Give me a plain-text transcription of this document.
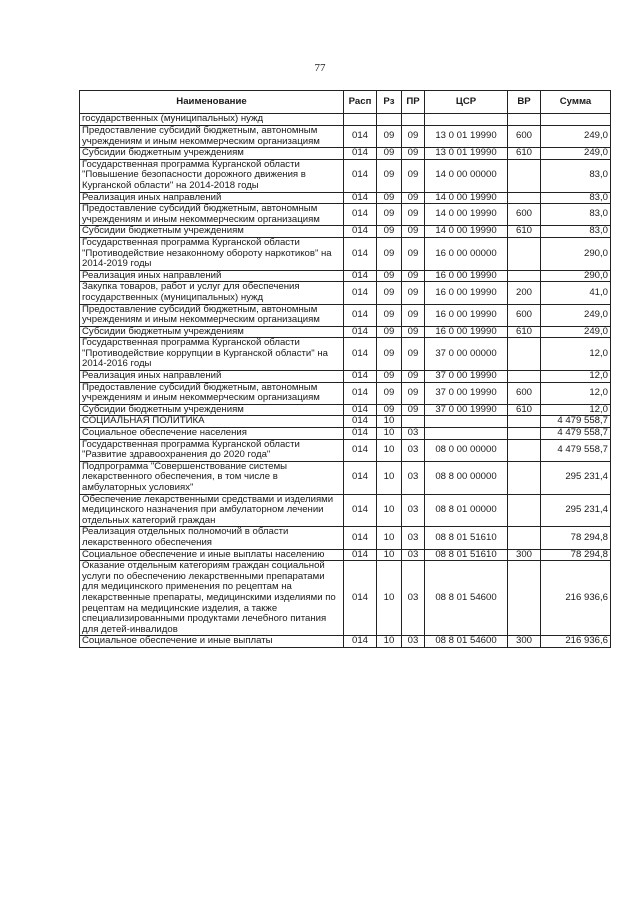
77
Наименование	Расп	Рз	ПР	ЦСР	ВР	Сумма
государственных (муниципальных) нужд						
Предоставление субсидий бюджетным, автономным учреждениям и иным некоммерческим организациям	014	09	09	13 0 01 19990	600	249,0
Субсидии бюджетным учреждениям	014	09	09	13 0 01 19990	610	249,0
Государственная программа Курганской области "Повышение безопасности дорожного движения в Курганской области" на 2014-2018 годы	014	09	09	14 0 00 00000		83,0
Реализация иных направлений	014	09	09	14 0 00 19990		83,0
Предоставление субсидий бюджетным, автономным учреждениям и иным некоммерческим организациям	014	09	09	14 0 00 19990	600	83,0
Субсидии бюджетным учреждениям	014	09	09	14 0 00 19990	610	83,0
Государственная программа Курганской области "Противодействие незаконному обороту наркотиков" на 2014-2019 годы	014	09	09	16 0 00 00000		290,0
Реализация иных направлений	014	09	09	16 0 00 19990		290,0
Закупка товаров, работ и услуг для обеспечения государственных (муниципальных) нужд	014	09	09	16 0 00 19990	200	41,0
Предоставление субсидий бюджетным, автономным учреждениям и иным некоммерческим организациям	014	09	09	16 0 00 19990	600	249,0
Субсидии бюджетным учреждениям	014	09	09	16 0 00 19990	610	249,0
Государственная программа Курганской области "Противодействие коррупции в Курганской области" на 2014-2016 годы	014	09	09	37 0 00 00000		12,0
Реализация иных направлений	014	09	09	37 0 00 19990		12,0
Предоставление субсидий бюджетным, автономным учреждениям и иным некоммерческим организациям	014	09	09	37 0 00 19990	600	12,0
Субсидии бюджетным учреждениям	014	09	09	37 0 00 19990	610	12,0
СОЦИАЛЬНАЯ ПОЛИТИКА	014	10				4 479 558,7
Социальное обеспечение населения	014	10	03			4 479 558,7
Государственная программа Курганской области "Развитие здравоохранения до 2020 года"	014	10	03	08 0 00 00000		4 479 558,7
Подпрограмма "Совершенствование системы лекарственного обеспечения, в том числе в амбулаторных условиях"	014	10	03	08 8 00 00000		295 231,4
Обеспечение лекарственными средствами и изделиями медицинского назначения при амбулаторном лечении отдельных категорий граждан	014	10	03	08 8 01 00000		295 231,4
Реализация отдельных полномочий в области лекарственного обеспечения	014	10	03	08 8 01 51610		78 294,8
Социальное обеспечение и иные выплаты населению	014	10	03	08 8 01 51610	300	78 294,8
Оказание отдельным категориям граждан социальной услуги по обеспечению лекарственными препаратами для медицинского применения по рецептам на лекарственные препараты, медицинскими изделиями по рецептам на медицинские изделия, а также специализированными продуктами лечебного питания для детей-инвалидов	014	10	03	08 8 01 54600		216 936,6
Социальное обеспечение и иные выплаты	014	10	03	08 8 01 54600	300	216 936,6
